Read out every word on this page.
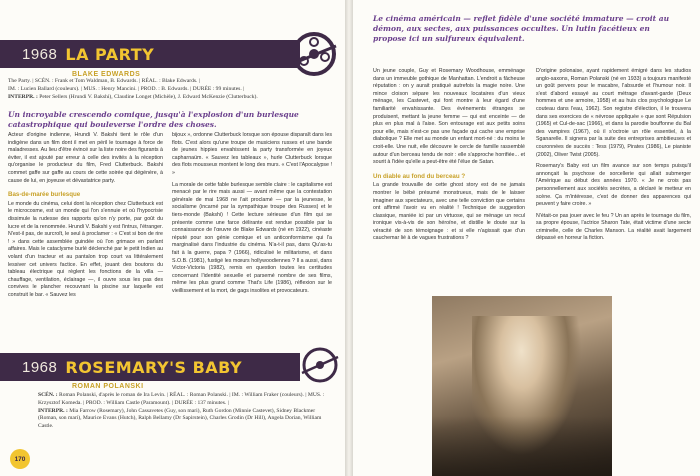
1968 LA PARTY
BLAKE EDWARDS
The Party. | SCÉN. : Frank et Tom Waldman, B. Edwards. | RÉAL. : Blake Edwards. |
IM. : Lucien Ballard (couleurs). | MUS. : Henry Mancini. | PROD. : B. Edwards. | DURÉE : 99 minutes. |
INTERPR. : Peter Sellers (Hrundi V. Bakshi), Claudine Longet (Michèle), J. Edward McKenzie (Clutterbuck).
Un incroyable crescendo comique, jusqu'à l'explosion d'un burlesque catastrophique qui bouleverse l'ordre des choses.

Acteur d'origine indienne, Hrundi V. Bakshi tient le rôle d'un indigène dans un film dont il met en péril le tournage à force de maladresses. Au lieu d'être évincé sur la liste noire des figurants à éviter, il est ajouté par erreur à celle des invités à la réception qu'organise le producteur du film, Fred Clutterbuck. Bakshi commet gaffe sur gaffe au cours de cette soirée qui dégénère, à cause de lui, en joyeuse et dévastatrice party.

Bas-de-marée burlesque

Le monde du cinéma, celui dont la réception chez Clutterbuck est le microcosme, est un monde qui l'on s'ennuie et où l'hypocrisie dissimule la rudesse des rapports qu'on n'y porte, par goût du lucre et de la renommée. Hrundi V. Bakshi y est l'intrus, l'étranger. N'est-il pas, de surcroît, le seul à proclamer : « C'est si bon de rire ! » dans cette assemblée guindée où l'on grimace en parlant affaires. Mais le cataclysme burlé déclenché par le petit Indien au volant d'un tracteur et au pantalon trop court va littéralement lessiver cet univers factice. En effet, jouant des boutons du tableau électrique qui règlent les fonctions de la villa — chauffage, ventilation, éclairage —, il ouvre sous les pas des convives le plancher recouvrant la piscine sur laquelle est construit le bar. « Sauvez les

bijoux », ordonne Clutterbuck lorsque son épouse disparaît dans les flots. C'est alors qu'une troupe de musiciens russes et une bande de jeunes hippies envahissent la party transformée en joyeux capharnaüm. « Sauvez les tableaux », hurle Clutterbuck lorsque des flots mousseux montent le long des murs. « C'est l'Apocalypse ! »

La morale de cette fable burlesque semble claire : le capitalisme est menacé par le rire mais aussi — avant même que la contestation générale de mai 1968 ne l'ait proclamé — par la jeunesse, le socialisme (incarné par la sympathique troupe des Russes) et le tiers-monde (Bakshi) ! Cette lecture sérieuse d'un film qui se présente comme une farce délirante est rendue possible par la connaissance de l'œuvre de Blake Edwards (né en 1922), cinéaste réputé pour son génie comique et un anticonformisme qui l'a marginalisé dans l'industrie du cinéma. N'a-t-il pas, dans Qu'as-tu fait à la guerre, papa ? (1966), ridiculisé le militarisme, et dans S.O.B. (1981), fustigé les mœurs hollywoodiennes ? Il a aussi, dans Victor-Victoria (1982), remis en question toutes les certitudes concernant l'identité sexuelle et parsemé nombre de ses films, même les plus grand comme That's Life (1986), réflexion sur le vieillissement et la mort, de gags insolites et provocateurs.

1968 ROSEMARY'S BABY
ROMAN POLANSKI
SCÉN. : Roman Polanski, d'après le roman de Ira Levin. | RÉAL. : Roman Polanski. | IM. : William Fraker (couleurs). | MUS. : Krzysztof Komeda. | PROD. : William Castle (Paramount). | DURÉE : 137 minutes. |
INTERPR. : Mia Farrow (Rosemary), John Cassavetes (Guy, son mari), Ruth Gordon (Minnie Castevet), Sidney Blackmer (Roman, son mari), Maurice Evans (Hutch), Ralph Bellamy (Dr Sapirstein), Charles Grodin (Dr Hill), Angela Dorian, William Castle.
170
Le cinéma américain — reflet fidèle d'une société immature — croit au démon, aux sectes, aux puissances occultes. Un lutin facétieux en propose ici un sulfureux équivalent.

Un jeune couple, Guy et Rosemary Woodhouse, emménage dans un immeuble gothique de Manhattan. L'endroit a fâcheuse réputation : on y aurait pratiqué autrefois la magie noire. Une mince cloison sépare les nouveaux locataires d'un vieux ménage, les Castevet, qui font montre à leur égard d'une familiarité envahissante. Des événements étranges se produisent, mettant la jeune femme — qui est enceinte — de plus en plus mal à l'aise. Son entourage est aux petits soins pour elle, mais n'est-ce pas une façade qui cache une emprise diabolique ? Elle met au monde un enfant mort-né : du moins le croit-elle. Une nuit, elle découvre le cercle de famille rassemblé autour d'un berceau tendu de noir : elle s'approche horrifiée... et sourit à l'idée qu'elle a peut-être été l'élue de Satan.

Un diable au fond du berceau ?

La grande trouvaille de cette ghost story est de ne jamais montrer le bébé présumé monstrueux, mais de le laisser imaginer aux spectateurs, avec une telle conviction que certains ont affirmé l'avoir vu en réalité ! Technique de suggestion classique, maniée ici par un virtuose, qui se ménage un recul ironique vis-à-vis de son héroïne, et distille le doute sur la véracité de son témoignage : et si elle n'agissait que d'un cauchemar lié à de vagues frustrations ?

D'origine polonaise, ayant rapidement émigré dans les studios anglo-saxons, Roman Polanski (né en 1933) a toujours manifesté un goût pervers pour le macabre, l'absurde et l'humour noir. Il s'est d'abord essayé au court métrage d'avant-garde (Deux hommes et une armoire, 1958) et au huis clos psychologique Le couteau dans l'eau, 1962). Son registre d'élection, il le trouvera dans ses exercices de « névrose appliquée » que sont Répulsion (1965) et Cul-de-sac (1966), et dans la parodie bouffonne du Bal des vampires (1967), où il s'octroie un rôle essentiel, à la Sganarelle. Il signera par la suite des entreprises ambitieuses et couronnées de succès : Tess (1979), Pirates (1986), Le pianiste (2002), Oliver Twist (2005).

Rosemary's Baby est un film avance sur son temps puisqu'il annonçait la psychose de sorcellerie qui allait submerger l'Amérique au début des années 1970. « Je ne crois pas personnellement aux sociétés secrètes, a déclaré le metteur en scène. Ça m'intéresse, c'est de donner des apparences qui peuvent y faire croire. »

N'était-ce pas jouer avec le feu ? Un an après le tournage du film, sa propre épouse, l'actrice Sharon Tate, était victime d'une secte criminelle, celle de Charles Manson. La réalité avait largement dépassé en horreur la fiction.
